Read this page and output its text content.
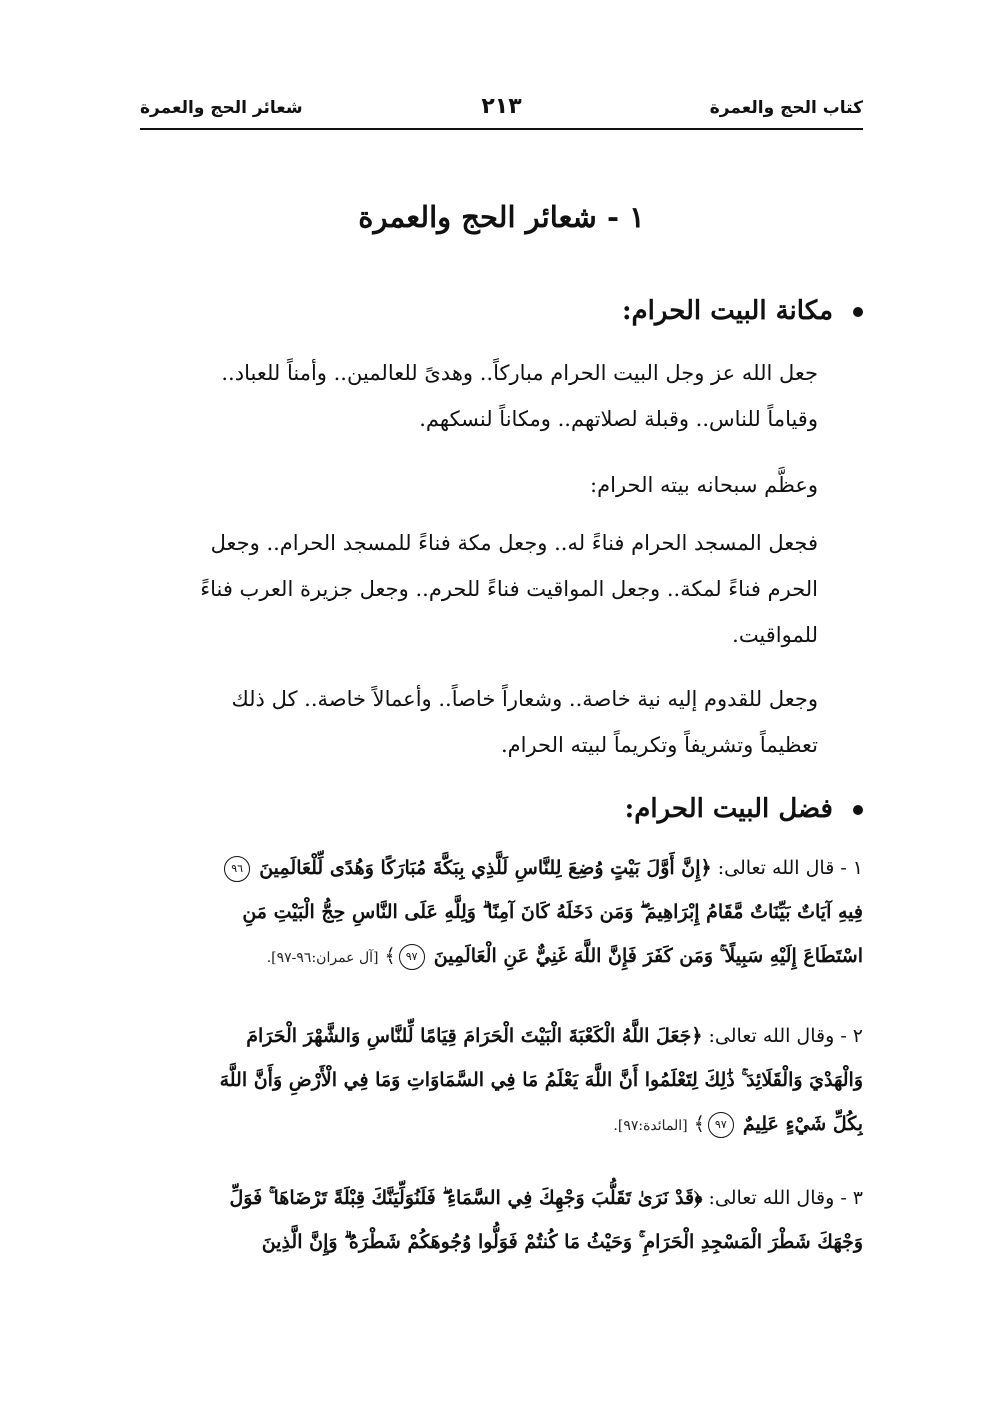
كتاب الحج والعمرة
٢١٣
شعائر الحج والعمرة
١ - شعائر الحج والعمرة
مكانة البيت الحرام:
جعل الله عز وجل البيت الحرام مباركاً.. وهدىً للعالمين.. وأمناً للعباد..
وقياماً للناس.. وقبلة لصلاتهم.. ومكاناً لنسكهم.
وعظَّم سبحانه بيته الحرام:
فجعل المسجد الحرام فناءً له.. وجعل مكة فناءً للمسجد الحرام.. وجعل
الحرم فناءً لمكة.. وجعل المواقيت فناءً للحرم.. وجعل جزيرة العرب فناءً
للمواقيت.
وجعل للقدوم إليه نية خاصة.. وشعاراً خاصاً.. وأعمالاً خاصة.. كل ذلك
تعظيماً وتشريفاً وتكريماً لبيته الحرام.
فضل البيت الحرام:
١ - قال الله تعالى: ﴿إِنَّ أَوَّلَ بَيْتٍ وُضِعَ لِلنَّاسِ لَلَّذِي بِبَكَّةَ مُبَارَكًا وَهُدًى لِّلْعَالَمِينَ ٩٦
فِيهِ آيَاتٌ بَيِّنَاتٌ مَّقَامُ إِبْرَاهِيمَ ۖ وَمَن دَخَلَهُ كَانَ آمِنًا ۗ وَلِلَّهِ عَلَى النَّاسِ حِجُّ الْبَيْتِ مَنِ
اسْتَطَاعَ إِلَيْهِ سَبِيلًا ۚ وَمَن كَفَرَ فَإِنَّ اللَّهَ غَنِيٌّ عَنِ الْعَالَمِينَ ٩٧﴾ [آل عمران:٩٦-٩٧].
٢ - وقال الله تعالى: ﴿جَعَلَ اللَّهُ الْكَعْبَةَ الْبَيْتَ الْحَرَامَ قِيَامًا لِّلنَّاسِ وَالشَّهْرَ الْحَرَامَ
وَالْهَدْيَ وَالْقَلَائِدَ ۚ ذَٰلِكَ لِتَعْلَمُوا أَنَّ اللَّهَ يَعْلَمُ مَا فِي السَّمَاوَاتِ وَمَا فِي الْأَرْضِ وَأَنَّ اللَّهَ
بِكُلِّ شَيْءٍ عَلِيمٌ ٩٧﴾ [المائدة:٩٧].
٣ - وقال الله تعالى: ﴿قَدْ نَرَىٰ تَقَلُّبَ وَجْهِكَ فِي السَّمَاءِ ۖ فَلَنُوَلِّيَنَّكَ قِبْلَةً تَرْضَاهَا ۚ فَوَلِّ
وَجْهَكَ شَطْرَ الْمَسْجِدِ الْحَرَامِ ۚ وَحَيْثُ مَا كُنتُمْ فَوَلُّوا وُجُوهَكُمْ شَطْرَهُ ۗ وَإِنَّ الَّذِينَ
